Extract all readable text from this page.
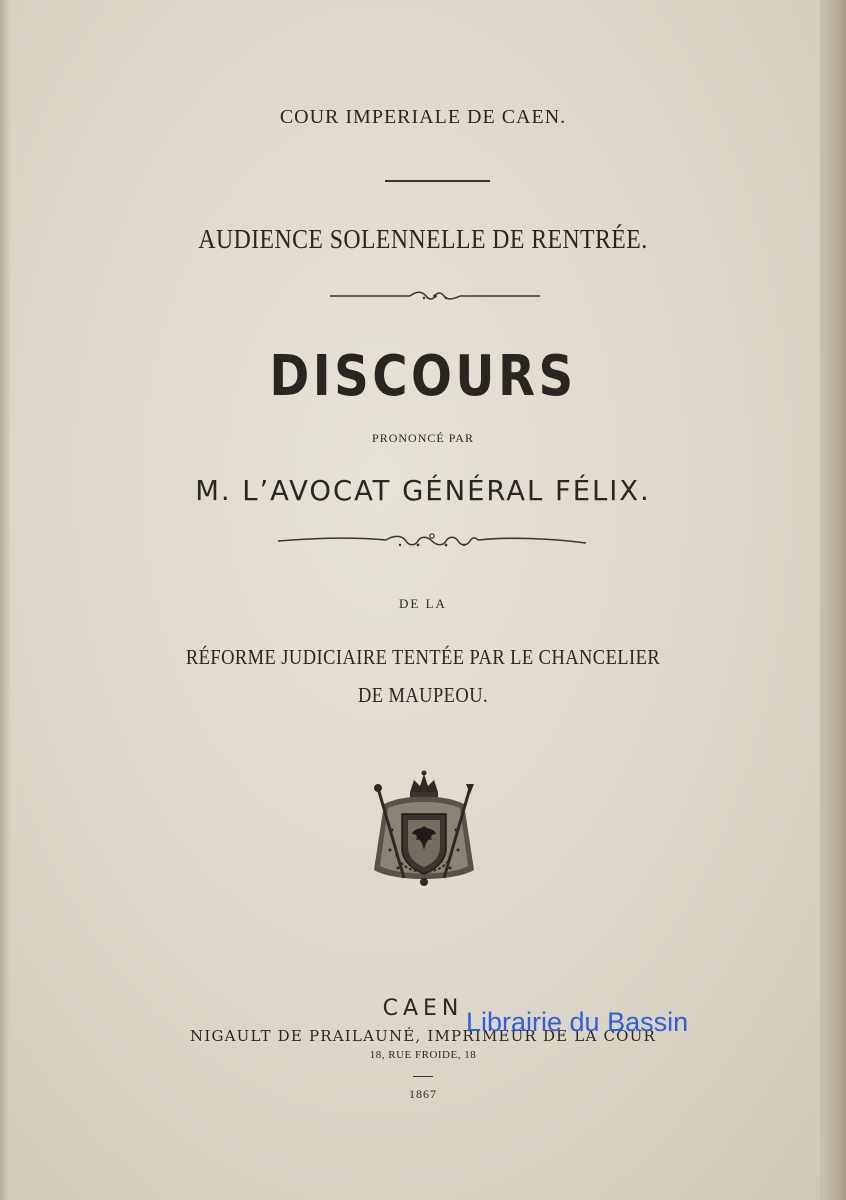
COUR IMPERIALE DE CAEN.
AUDIENCE SOLENNELLE DE RENTRÉE.
DISCOURS
PRONONCÉ PAR
M. L’AVOCAT GÉNÉRAL FÉLIX.
DE LA
RÉFORME JUDICIAIRE TENTÉE PAR LE CHANCELIER
DE MAUPEOU.
CAEN
NIGAULT DE PRAILAUNÉ, IMPRIMEUR DE LA COUR
18, RUE FROIDE, 18
1867
Librairie du Bassin
